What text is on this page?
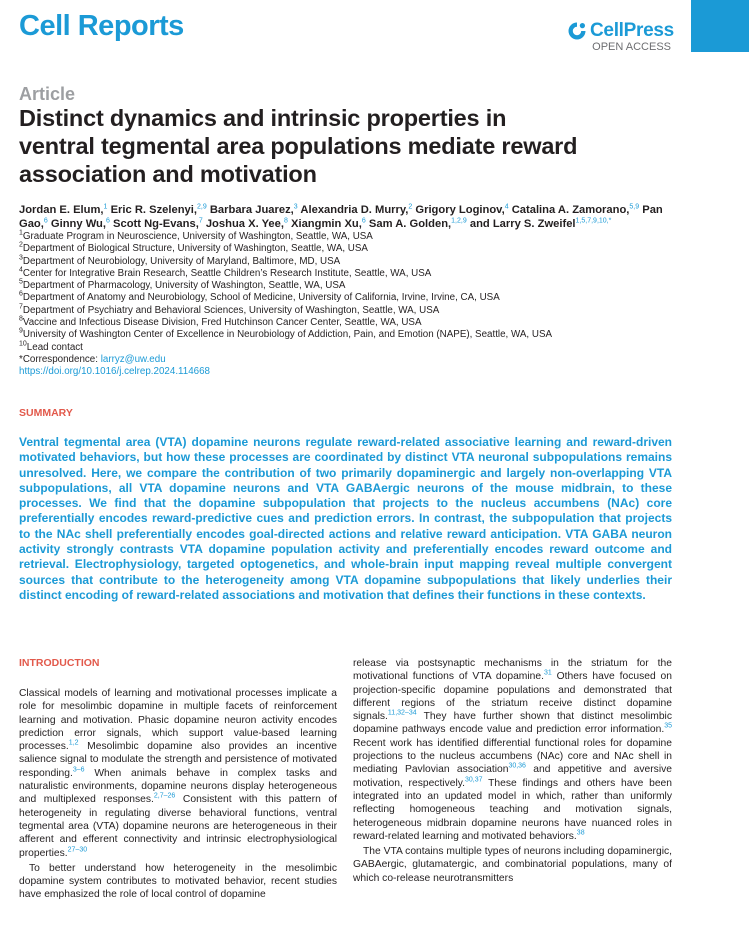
Cell Reports	CellPress
OPEN ACCESS
Article
Distinct dynamics and intrinsic properties in ventral tegmental area populations mediate reward association and motivation
Jordan E. Elum,$^1$ Eric R. Szelenyi,$^{2,9}$ Barbara Juarez,$^3$ Alexandria D. Murry,$^2$ Grigory Loginov,$^4$ Catalina A. Zamorano,$^{5,9}$ Pan Gao,$^6$ Ginny Wu,$^6$ Scott Ng-Evans,$^7$ Joshua X. Yee,$^8$ Xiangmin Xu,$^6$ Sam A. Golden,$^{1,2,9}$ and Larry S. Zweifel$^{1,5,7,9,10,*}$
$^1$Graduate Program in Neuroscience, University of Washington, Seattle, WA, USA
$^2$Department of Biological Structure, University of Washington, Seattle, WA, USA
$^3$Department of Neurobiology, University of Maryland, Baltimore, MD, USA
$^4$Center for Integrative Brain Research, Seattle Children’s Research Institute, Seattle, WA, USA
$^5$Department of Pharmacology, University of Washington, Seattle, WA, USA
$^6$Department of Anatomy and Neurobiology, School of Medicine, University of California, Irvine, Irvine, CA, USA
$^7$Department of Psychiatry and Behavioral Sciences, University of Washington, Seattle, WA, USA
$^8$Vaccine and Infectious Disease Division, Fred Hutchinson Cancer Center, Seattle, WA, USA
$^9$University of Washington Center of Excellence in Neurobiology of Addiction, Pain, and Emotion (NAPE), Seattle, WA, USA
$^{10}$Lead contact
*Correspondence: larryz@uw.edu
https://doi.org/10.1016/j.celrep.2024.114668
SUMMARY
Ventral tegmental area (VTA) dopamine neurons regulate reward-related associative learning and reward-driven motivated behaviors, but how these processes are coordinated by distinct VTA neuronal subpopulations remains unresolved. Here, we compare the contribution of two primarily dopaminergic and largely non-overlapping VTA subpopulations, all VTA dopamine neurons and VTA GABAergic neurons of the mouse midbrain, to these processes. We find that the dopamine subpopulation that projects to the nucleus accumbens (NAc) core preferentially encodes reward-predictive cues and prediction errors. In contrast, the subpopulation that projects to the NAc shell preferentially encodes goal-directed actions and relative reward anticipation. VTA GABA neuron activity strongly contrasts VTA dopamine population activity and preferentially encodes reward outcome and retrieval. Electrophysiology, targeted optogenetics, and whole-brain input mapping reveal multiple convergent sources that contribute to the heterogeneity among VTA dopamine subpopulations that likely underlies their distinct encoding of reward-related associations and motivation that defines their functions in these contexts.
INTRODUCTION

Classical models of learning and motivational processes implicate a role for mesolimbic dopamine in multiple facets of reinforcement learning and motivation. Phasic dopamine neuron activity encodes prediction error signals, which support value-based learning processes.$^{1,2}$ Mesolimbic dopamine also provides an incentive salience signal to modulate the strength and persistence of motivated responding.$^{3-6}$ When animals behave in complex tasks and naturalistic environments, dopamine neurons display heterogeneous and multiplexed responses.$^{2,7-26}$ Consistent with this pattern of heterogeneity in regulating diverse behavioral functions, ventral tegmental area (VTA) dopamine neurons are heterogeneous in their afferent and efferent connectivity and intrinsic electrophysiological properties.$^{27-30}$

To better understand how heterogeneity in the mesolimbic dopamine system contributes to motivated behavior, recent studies have emphasized the role of local control of dopamine

release via postsynaptic mechanisms in the striatum for the motivational functions of VTA dopamine.$^{31}$ Others have focused on projection-specific dopamine populations and demonstrated that different regions of the striatum receive distinct dopamine signals.$^{11,32-34}$ They have further shown that distinct mesolimbic dopamine pathways encode value and prediction error information.$^{35}$ Recent work has identified differential functional roles for dopamine projections to the nucleus accumbens (NAc) core and NAc shell in mediating Pavlovian association$^{30,36}$ and appetitive and aversive motivation, respectively.$^{30,37}$ These findings and others have been integrated into an updated model in which, rather than uniformly reflecting homogeneous teaching and motivation signals, heterogeneous midbrain dopamine neurons have nuanced roles in reward-related learning and motivated behaviors.$^{38}$

The VTA contains multiple types of neurons including dopaminergic, GABAergic, glutamatergic, and combinatorial populations, many of which co-release neurotransmitters
